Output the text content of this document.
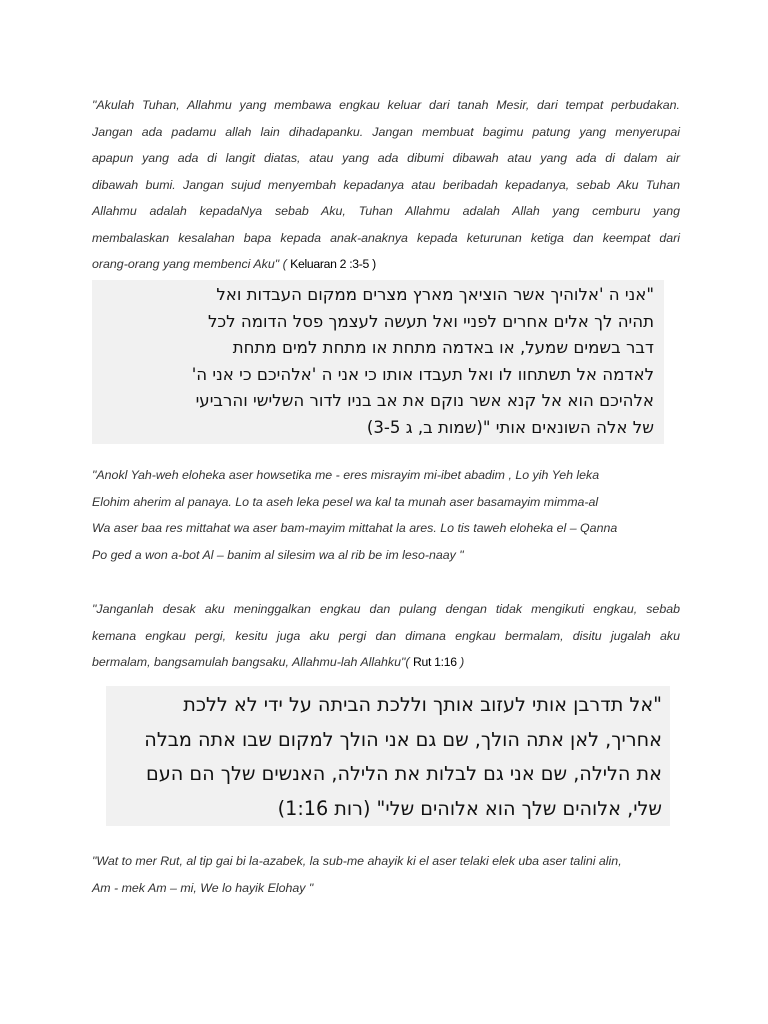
"Akulah Tuhan, Allahmu yang membawa engkau keluar dari tanah Mesir, dari tempat perbudakan.
Jangan ada padamu allah lain dihadapanku. Jangan membuat bagimu patung yang menyerupai
apapun yang ada di langit diatas, atau yang ada dibumi dibawah atau yang ada di dalam air
dibawah bumi. Jangan sujud menyembah kepadanya atau beribadah kepadanya, sebab Aku Tuhan
Allahmu adalah kepadaNya sebab Aku, Tuhan Allahmu adalah Allah yang cemburu yang
membalaskan kesalahan bapa kepada anak-anaknya kepada keturunan ketiga dan keempat dari
orang-orang yang membenci Aku" ( Keluaran 2 :3-5 )

"אני ה 'אלוהיך אשר הוציאך מארץ מצרים ממקום העבדות ואל
תהיה לך אלים אחרים לפניי ואל תעשה לעצמך פסל הדומה לכל
דבר בשמים שמעל, או באדמה מתחת או מתחת למים מתחת
לאדמה אל תשתחוו לו ואל תעבדו אותו כי אני ה 'אלהיכם כי אני ה'
אלהיכם הוא אל קנא אשר נוקם את אב בניו לדור השלישי והרביעי
של אלה השונאים אותי "(שמות ב, ג 3-5)

"Anokl Yah-weh eloheka aser howsetika me - eres misrayim mi-ibet abadim , Lo yih Yeh leka
Elohim aherim al panaya. Lo ta aseh leka pesel wa kal ta munah aser basamayim mimma-al
Wa aser baa res mittahat wa aser bam-mayim mittahat la ares. Lo tis taweh eloheka el – Qanna
Po ged a won a-bot Al – banim al silesim wa al rib be im leso-naay "

"Janganlah desak aku meninggalkan engkau dan pulang dengan tidak mengikuti engkau, sebab
kemana engkau pergi, kesitu juga aku pergi dan dimana engkau bermalam, disitu jugalah aku
bermalam, bangsamulah bangsaku, Allahmu-lah Allahku"( Rut 1:16 )

"אל תדרבן אותי לעזוב אותך וללכת הביתה על ידי לא ללכת
אחריך, לאן אתה הולך, שם גם אני הולך למקום שבו אתה מבלה
את הלילה, שם אני גם לבלות את הלילה, האנשים שלך הם העם
שלי, אלוהים שלך הוא אלוהים שלי" (רות 1:16)

"Wat to mer Rut, al tip gai bi la-azabek, la sub-me ahayik ki el aser telaki elek uba aser talini alin,
Am - mek Am – mi, We lo hayik Elohay "
